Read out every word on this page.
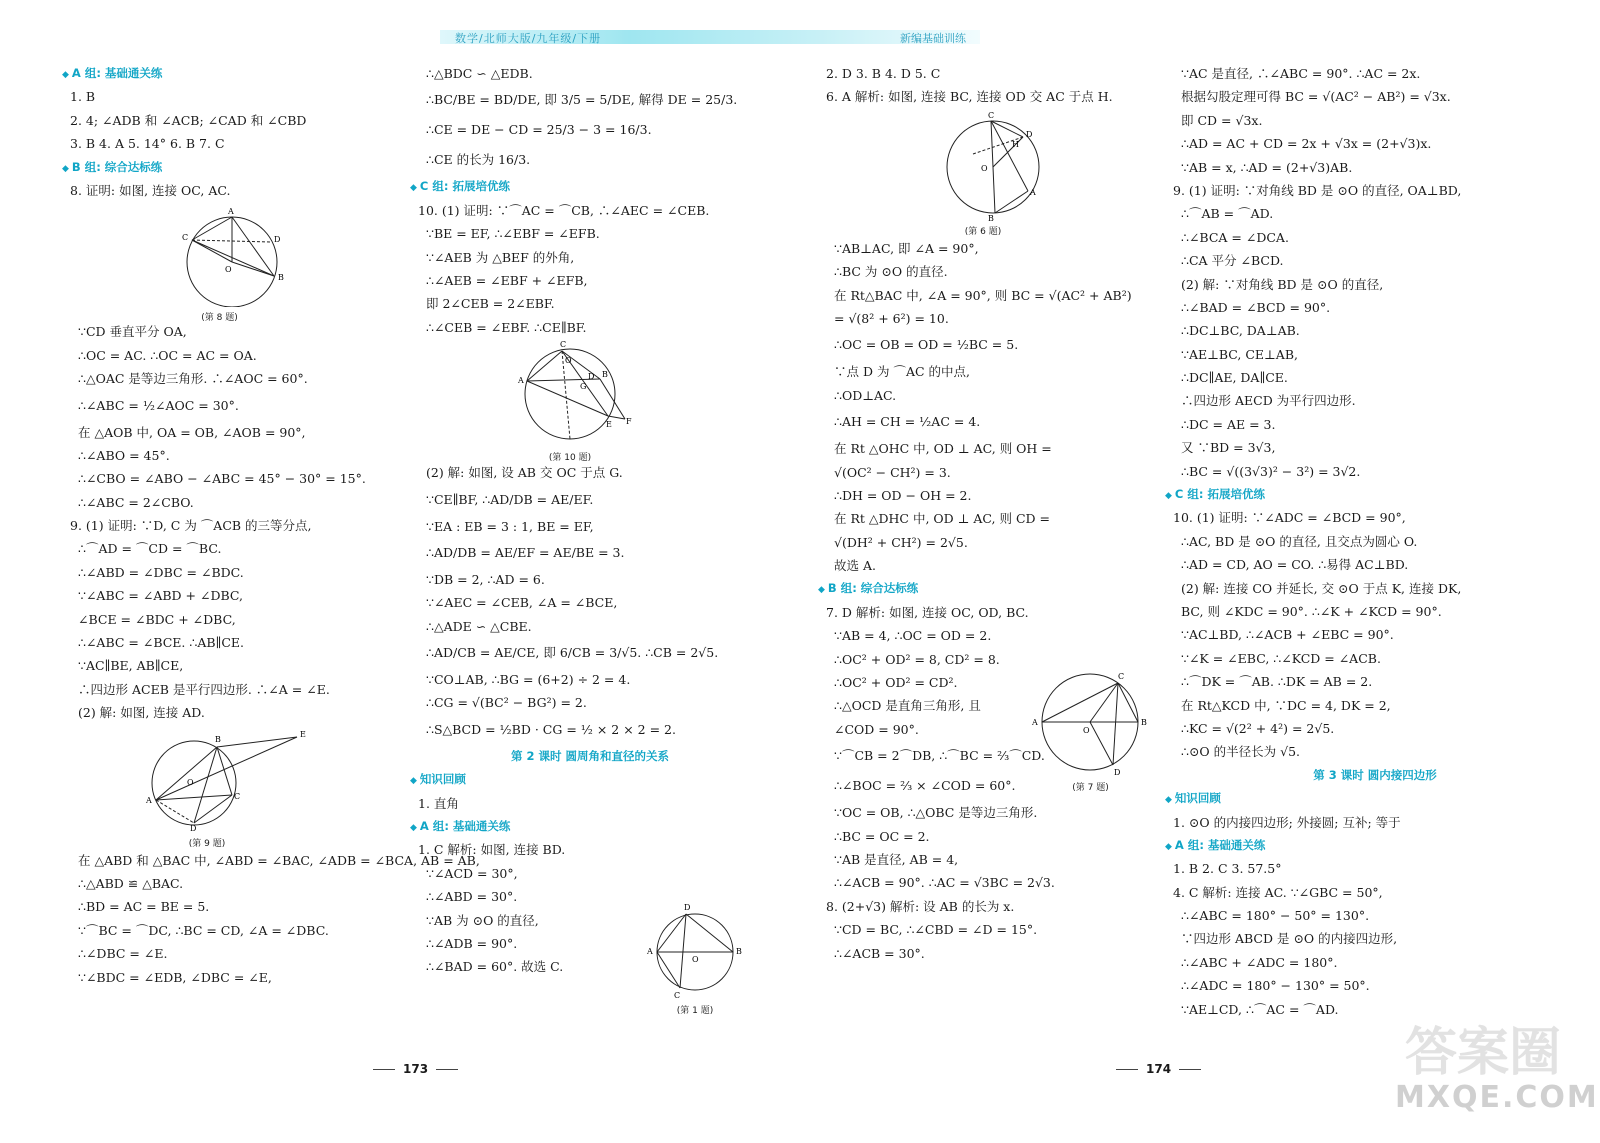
数学/北师大版/九年级/下册	新编基础训练
◆ A 组: 基础通关练
1. B
2. 4; ∠ADB 和 ∠ACB; ∠CAD 和 ∠CBD
3. B 4. A 5. 14° 6. B 7. C
◆ B 组: 综合达标练
8. 证明: 如图, 连接 OC, AC.
A
C	D
B
O
(第 8 题)
∵CD 垂直平分 OA,
∴OC = AC. ∴OC = AC = OA.
∴△OAC 是等边三角形. ∴∠AOC = 60°.
∴∠ABC = ½∠AOC = 30°.
在 △AOB 中, OA = OB, ∠AOB = 90°,
∴∠ABO = 45°.
∴∠CBO = ∠ABO − ∠ABC = 45° − 30° = 15°.
∴∠ABC = 2∠CBO.
9. (1) 证明: ∵D, C 为 ⌒ACB 的三等分点,
∴⌒AD = ⌒CD = ⌒BC.
∴∠ABD = ∠DBC = ∠BDC.
∵∠ABC = ∠ABD + ∠DBC,
∠BCE = ∠BDC + ∠DBC,
∴∠ABC = ∠BCE. ∴AB∥CE.
∵AC∥BE, AB∥CE,
∴四边形 ACEB 是平行四边形. ∴∠A = ∠E.
(2) 解: 如图, 连接 AD.
B
E
A	C
D
O
(第 9 题)
在 △ABD 和 △BAC 中, ∠ABD = ∠BAC, ∠ADB = ∠BCA, AB = AB,
∴△ABD ≌ △BAC.
∴BD = AC = BE = 5.
∵⌒BC = ⌒DC, ∴BC = CD, ∠A = ∠DBC.
∴∠DBC = ∠E.
∵∠BDC = ∠EDB, ∠DBC = ∠E,
∴△BDC ∽ △EDB.
∴BC/BE = BD/DE, 即 3/5 = 5/DE, 解得 DE = 25/3.
∴CE = DE − CD = 25/3 − 3 = 16/3.
∴CE 的长为 16/3.
◆ C 组: 拓展培优练
10. (1) 证明: ∵⌒AC = ⌒CB, ∴∠AEC = ∠CEB.
∵BE = EF, ∴∠EBF = ∠EFB.
∵∠AEB 为 △BEF 的外角,
∴∠AEB = ∠EBF + ∠EFB,
即 2∠CEB = 2∠EBF.
∴∠CEB = ∠EBF. ∴CE∥BF.
A
C
B
E F
O
G
D
(第 10 题)
(2) 解: 如图, 设 AB 交 OC 于点 G.
∵CE∥BF, ∴AD/DB = AE/EF.
∵EA : EB = 3 : 1, BE = EF,
∴AD/DB = AE/EF = AE/BE = 3.
∵DB = 2, ∴AD = 6.
∵∠AEC = ∠CEB, ∠A = ∠BCE,
∴△ADE ∽ △CBE.
∴AD/CB = AE/CE, 即 6/CB = 3/√5. ∴CB = 2√5.
∵CO⊥AB, ∴BG = (6+2) ÷ 2 = 4.
∴CG = √(BC² − BG²) = 2.
∴S△BCD = ½BD · CG = ½ × 2 × 2 = 2.
第 2 课时 圆周角和直径的关系
◆ 知识回顾
1. 直角
◆ A 组: 基础通关练
1. C 解析: 如图, 连接 BD.
∵∠ACD = 30°,
∴∠ABD = 30°.
∵AB 为 ⊙O 的直径,
∴∠ADB = 90°.
∴∠BAD = 60°. 故选 C.
D
A	B
O
C
(第 1 题)
2. D 3. B 4. D 5. C
6. A 解析: 如图, 连接 BC, 连接 OD 交 AC 于点 H.
C
D
H
A
B
O
(第 6 题)
∵AB⊥AC, 即 ∠A = 90°,
∴BC 为 ⊙O 的直径.
在 Rt△BAC 中, ∠A = 90°, 则 BC = √(AC² + AB²)
= √(8² + 6²) = 10.
∴OC = OB = OD = ½BC = 5.
∵点 D 为 ⌒AC 的中点,
∴OD⊥AC.
∴AH = CH = ½AC = 4.
在 Rt △OHC 中, OD ⊥ AC, 则 OH =
√(OC² − CH²) = 3.
∴DH = OD − OH = 2.
在 Rt △DHC 中, OD ⊥ AC, 则 CD =
√(DH² + CH²) = 2√5.
故选 A.
◆ B 组: 综合达标练
7. D 解析: 如图, 连接 OC, OD, BC.
∵AB = 4, ∴OC = OD = 2.
∴OC² + OD² = 8, CD² = 8.
∴OC² + OD² = CD².
∴△OCD 是直角三角形, 且
∠COD = 90°.
∵⌒CB = 2⌒DB, ∴⌒BC = ⅔⌒CD.
∴∠BOC = ⅔ × ∠COD = 60°.
∵OC = OB, ∴△OBC 是等边三角形.
∴BC = OC = 2.
∵AB 是直径, AB = 4,
∴∠ACB = 90°. ∴AC = √3BC = 2√3.
8. (2+√3) 解析: 设 AB 的长为 x.
∵CD = BC, ∴∠CBD = ∠D = 15°.
∴∠ACB = 30°.
C
A	B
O
D
(第 7 题)
∵AC 是直径, ∴∠ABC = 90°. ∴AC = 2x.
根据勾股定理可得 BC = √(AC² − AB²) = √3x.
即 CD = √3x.
∴AD = AC + CD = 2x + √3x = (2+√3)x.
∵AB = x, ∴AD = (2+√3)AB.
9. (1) 证明: ∵对角线 BD 是 ⊙O 的直径, OA⊥BD,
∴⌒AB = ⌒AD.
∴∠BCA = ∠DCA.
∴CA 平分 ∠BCD.
(2) 解: ∵对角线 BD 是 ⊙O 的直径,
∴∠BAD = ∠BCD = 90°.
∴DC⊥BC, DA⊥AB.
∵AE⊥BC, CE⊥AB,
∴DC∥AE, DA∥CE.
∴四边形 AECD 为平行四边形.
∴DC = AE = 3.
又 ∵BD = 3√3,
∴BC = √((3√3)² − 3²) = 3√2.
◆ C 组: 拓展培优练
10. (1) 证明: ∵∠ADC = ∠BCD = 90°,
∴AC, BD 是 ⊙O 的直径, 且交点为圆心 O.
∴AD = CD, AO = CO. ∴易得 AC⊥BD.
(2) 解: 连接 CO 并延长, 交 ⊙O 于点 K, 连接 DK,
BC, 则 ∠KDC = 90°. ∴∠K + ∠KCD = 90°.
∵AC⊥BD, ∴∠ACB + ∠EBC = 90°.
∵∠K = ∠EBC, ∴∠KCD = ∠ACB.
∴⌒DK = ⌒AB. ∴DK = AB = 2.
在 Rt△KCD 中, ∵DC = 4, DK = 2,
∴KC = √(2² + 4²) = 2√5.
∴⊙O 的半径长为 √5.
第 3 课时 圆内接四边形
◆ 知识回顾
1. ⊙O 的内接四边形; 外接圆; 互补; 等于
◆ A 组: 基础通关练
1. B 2. C 3. 57.5°
4. C 解析: 连接 AC. ∵∠GBC = 50°,
∴∠ABC = 180° − 50° = 130°.
∵四边形 ABCD 是 ⊙O 的内接四边形,
∴∠ABC + ∠ADC = 180°.
∴∠ADC = 180° − 130° = 50°.
∵AE⊥CD, ∴⌒AC = ⌒AD.
173	174	答案圈
MXQE.COM
